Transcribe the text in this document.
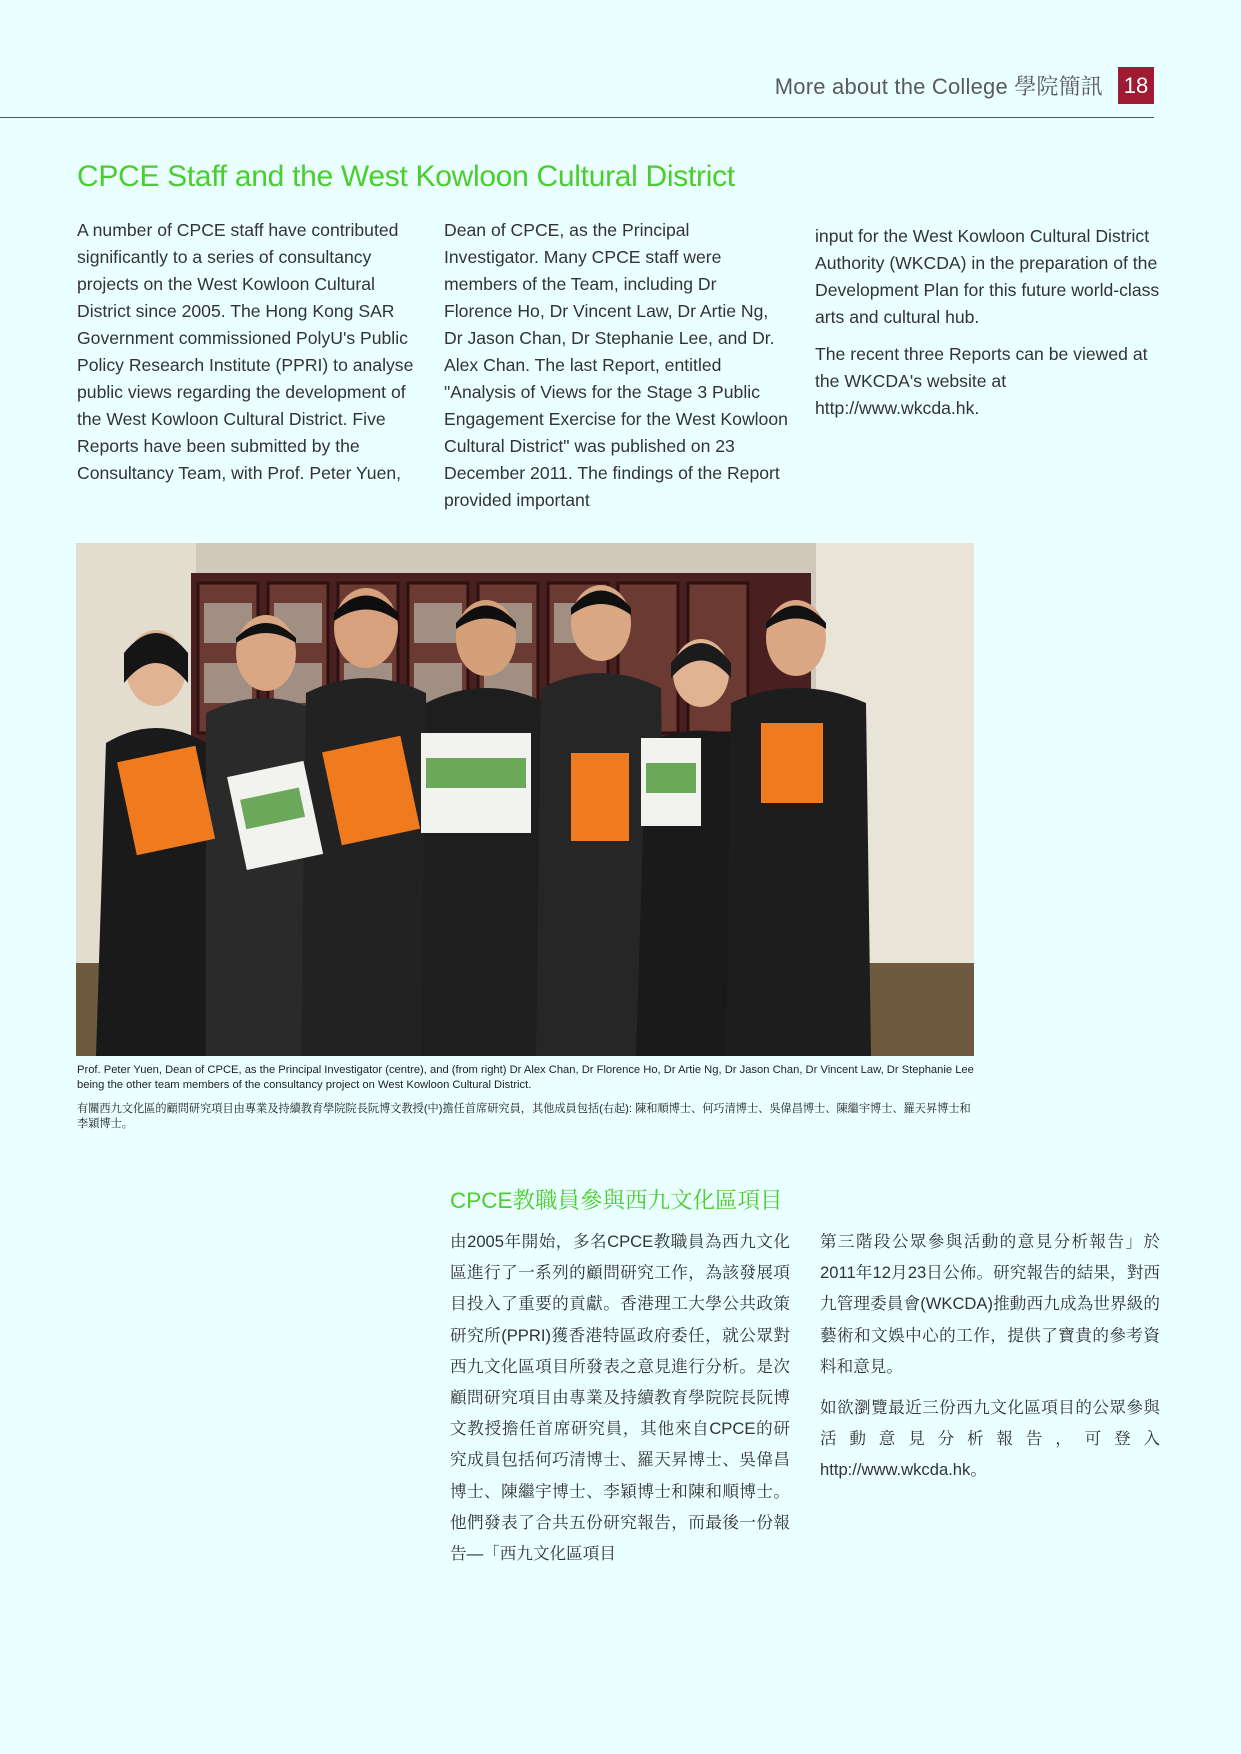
More about the College 學院簡訊 18
CPCE Staff and the West Kowloon Cultural District

A number of CPCE staff have contributed significantly to a series of consultancy projects on the West Kowloon Cultural District since 2005. The Hong Kong SAR Government commissioned PolyU's Public Policy Research Institute (PPRI) to analyse public views regarding the development of the West Kowloon Cultural District. Five Reports have been submitted by the Consultancy Team, with Prof. Peter Yuen,

Dean of CPCE, as the Principal Investigator. Many CPCE staff were members of the Team, including Dr Florence Ho, Dr Vincent Law, Dr Artie Ng, Dr Jason Chan, Dr Stephanie Lee, and Dr. Alex Chan. The last Report, entitled "Analysis of Views for the Stage 3 Public Engagement Exercise for the West Kowloon Cultural District" was published on 23 December 2011. The findings of the Report provided important

input for the West Kowloon Cultural District Authority (WKCDA) in the preparation of the Development Plan for this future world-class arts and cultural hub.

The recent three Reports can be viewed at the WKCDA's website at http://www.wkcda.hk.

Prof. Peter Yuen, Dean of CPCE, as the Principal Investigator (centre), and (from right) Dr Alex Chan, Dr Florence Ho, Dr Artie Ng, Dr Jason Chan, Dr Vincent Law, Dr Stephanie Lee being the other team members of the consultancy project on West Kowloon Cultural District.
有關西九文化區的顧問研究項目由專業及持續教育學院院長阮博文教授(中)擔任首席研究員，其他成員包括(右起): 陳和順博士、何巧清博士、吳偉昌博士、陳繼宇博士、羅天昇博士和李穎博士。
CPCE教職員參與西九文化區項目

由2005年開始，多名CPCE教職員為西九文化區進行了一系列的顧問研究工作，為該發展項目投入了重要的貢獻。香港理工大學公共政策研究所(PPRI)獲香港特區政府委任，就公眾對西九文化區項目所發表之意見進行分析。是次顧問研究項目由專業及持續教育學院院長阮博文教授擔任首席研究員，其他來自CPCE的研究成員包括何巧清博士、羅天昇博士、吳偉昌博士、陳繼宇博士、李穎博士和陳和順博士。他們發表了合共五份研究報告，而最後一份報告—「西九文化區項目

第三階段公眾參與活動的意見分析報告」於2011年12月23日公佈。研究報告的結果，對西九管理委員會(WKCDA)推動西九成為世界級的藝術和文娛中心的工作，提供了寶貴的參考資料和意見。

如欲瀏覽最近三份西九文化區項目的公眾參與活動意見分析報告，可登入http://www.wkcda.hk。
